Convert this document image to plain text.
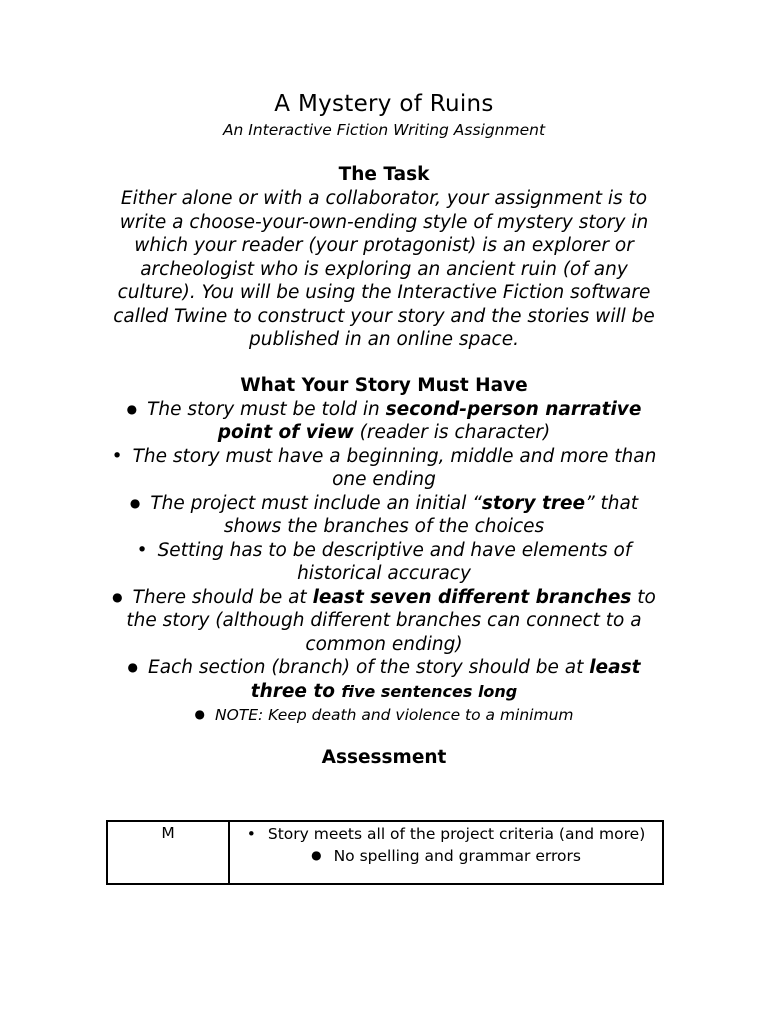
A Mystery of Ruins

An Interactive Fiction Writing Assignment

The Task

Either alone or with a collaborator, your assignment is to write a choose-your-own-ending style of mystery story in which your reader (your protagonist) is an explorer or archeologist who is exploring an ancient ruin (of any culture). You will be using the Interactive Fiction software called Twine to construct your story and the stories will be published in an online space.

What Your Story Must Have
● The story must be told in second-person narrative point of view (reader is character)
• The story must have a beginning, middle and more than one ending
● The project must include an initial “story tree” that shows the branches of the choices
• Setting has to be descriptive and have elements of historical accuracy
● There should be at least seven different branches to the story (although different branches can connect to a common ending)
● Each section (branch) of the story should be at least three to five sentences long
● NOTE: Keep death and violence to a minimum
Assessment
M	• Story meets all of the project criteria (and more)
● No spelling and grammar errors
